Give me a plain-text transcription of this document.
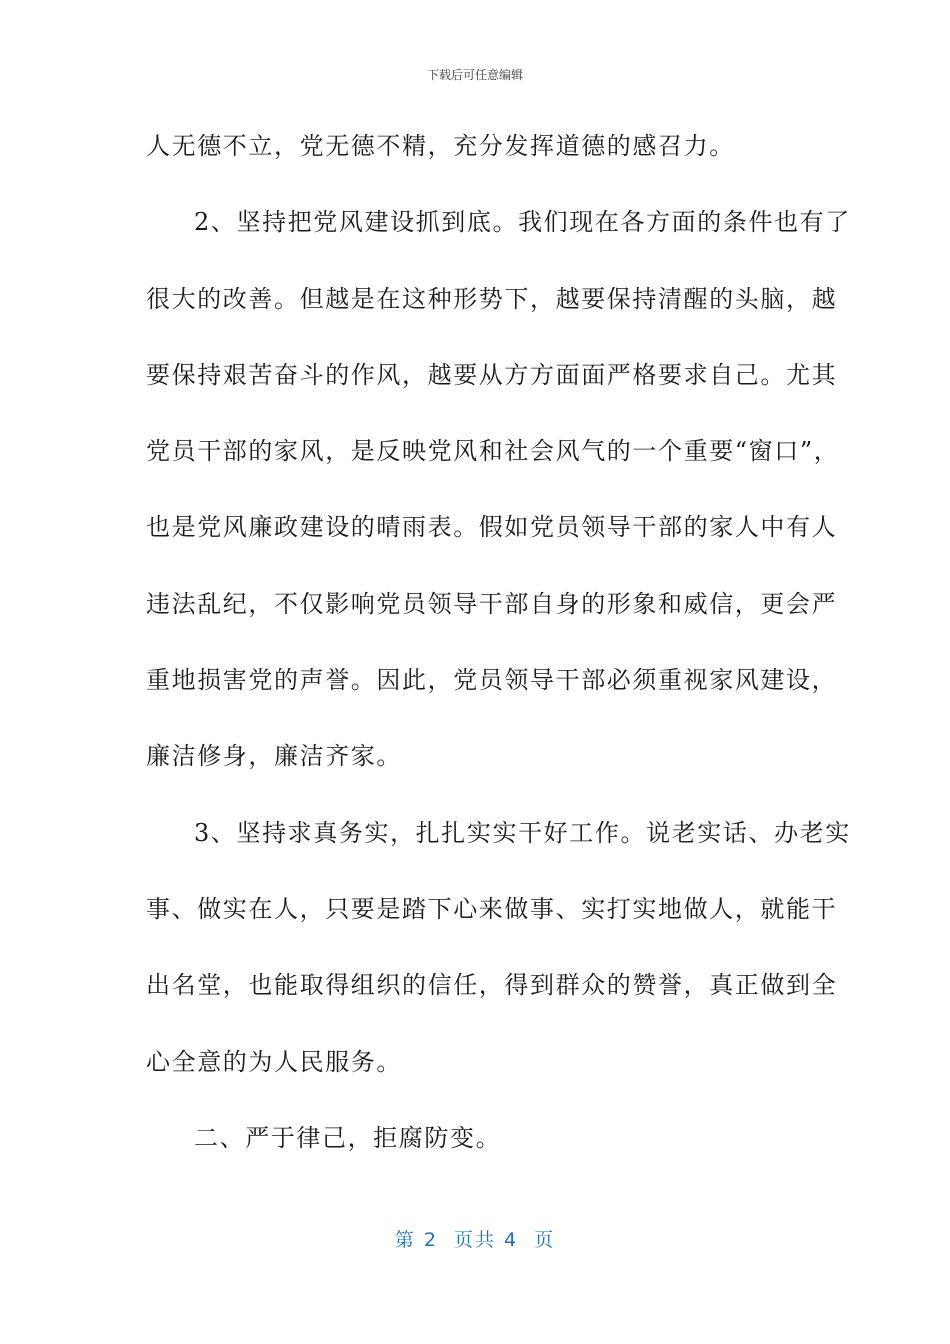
下载后可任意编辑
人无德不立，党无德不精，充分发挥道德的感召力。
2、坚持把党风建设抓到底。我们现在各方面的条件也有了
很大的改善。但越是在这种形势下，越要保持清醒的头脑，越
要保持艰苦奋斗的作风，越要从方方面面严格要求自己。尤其
党员干部的家风，是反映党风和社会风气的一个重要“窗口”，
也是党风廉政建设的晴雨表。假如党员领导干部的家人中有人
违法乱纪，不仅影响党员领导干部自身的形象和威信，更会严
重地损害党的声誉。因此，党员领导干部必须重视家风建设，
廉洁修身，廉洁齐家。
3、坚持求真务实，扎扎实实干好工作。说老实话、办老实
事、做实在人，只要是踏下心来做事、实打实地做人，就能干
出名堂，也能取得组织的信任，得到群众的赞誉，真正做到全
心全意的为人民服务。
二、严于律己，拒腐防变。
第 2  页共 4  页
